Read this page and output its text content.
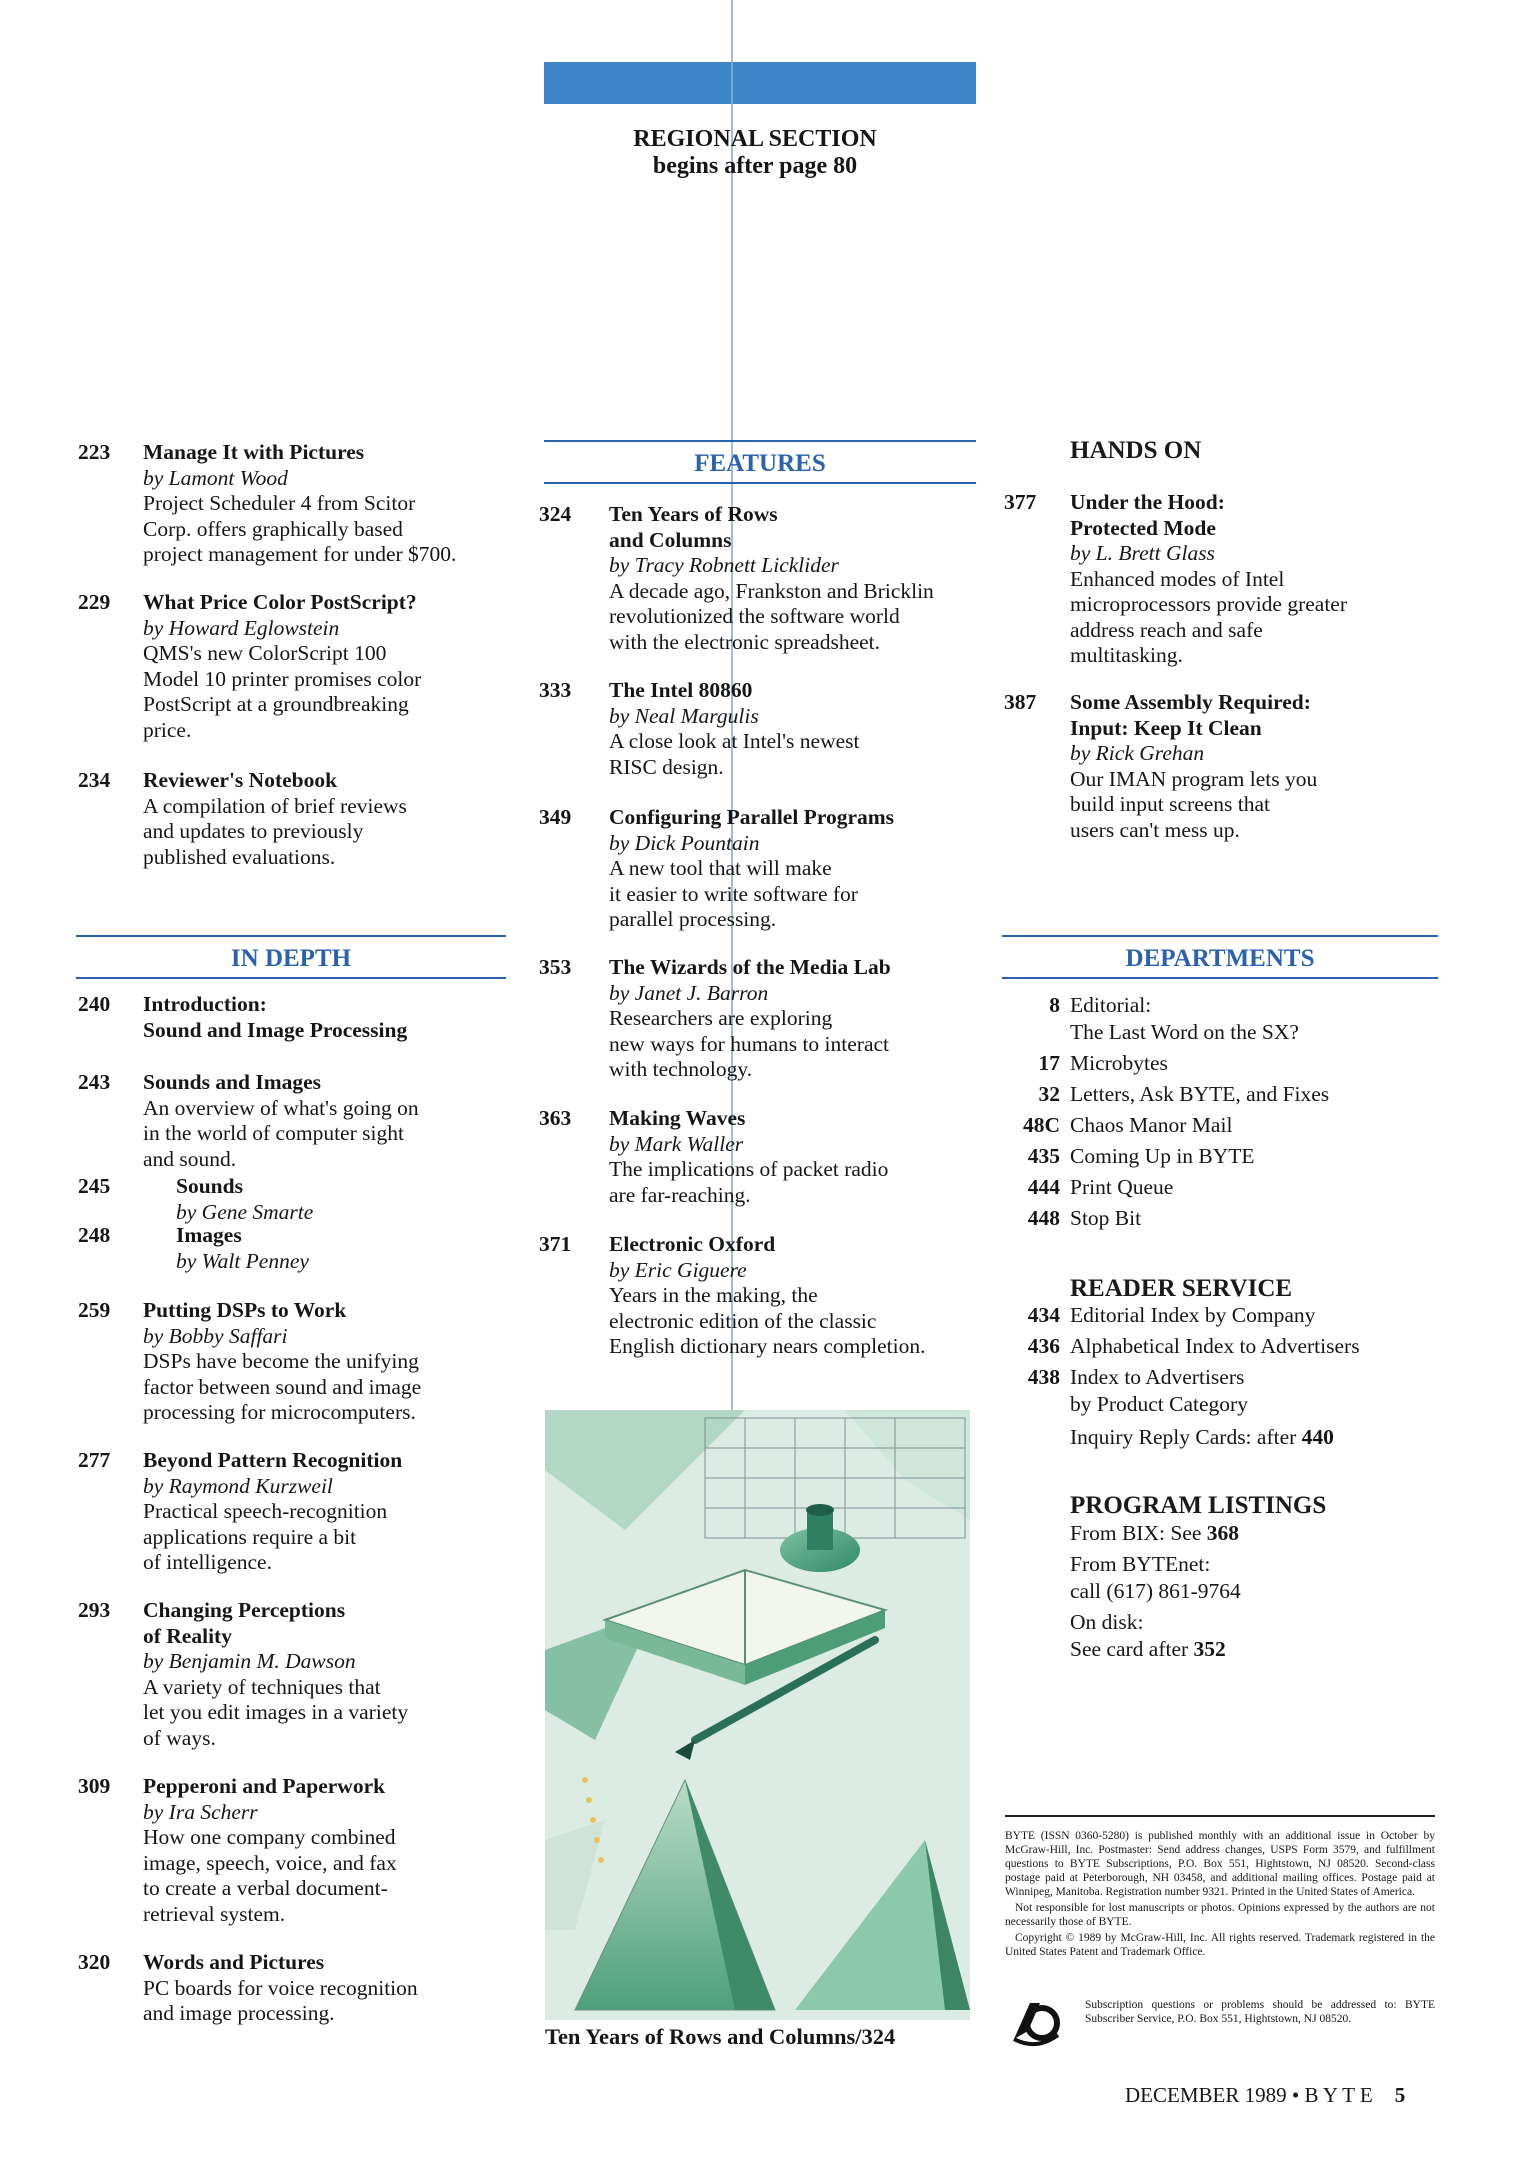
REGIONAL SECTION
begins after page 80
223 Manage It with Pictures
by Lamont Wood
Project Scheduler 4 from Scitor
Corp. offers graphically based
project management for under $700.
229 What Price Color PostScript?
by Howard Eglowstein
QMS's new ColorScript 100
Model 10 printer promises color
PostScript at a groundbreaking
price.
234 Reviewer's Notebook
A compilation of brief reviews
and updates to previously
published evaluations.
IN DEPTH
240 Introduction:
Sound and Image Processing
243 Sounds and Images
An overview of what's going on
in the world of computer sight
and sound.
245	Sounds
by Gene Smarte
248	Images
by Walt Penney
259 Putting DSPs to Work
by Bobby Saffari
DSPs have become the unifying
factor between sound and image
processing for microcomputers.
277 Beyond Pattern Recognition
by Raymond Kurzweil
Practical speech-recognition
applications require a bit
of intelligence.
293 Changing Perceptions
of Reality
by Benjamin M. Dawson
A variety of techniques that
let you edit images in a variety
of ways.
309 Pepperoni and Paperwork
by Ira Scherr
How one company combined
image, speech, voice, and fax
to create a verbal document-
retrieval system.
320 Words and Pictures
PC boards for voice recognition
and image processing.
FEATURES
324 Ten Years of Rows
and Columns
by Tracy Robnett Licklider
A decade ago, Frankston and Bricklin
revolutionized the software world
with the electronic spreadsheet.
333 The Intel 80860
by Neal Margulis
A close look at Intel's newest
RISC design.
349 Configuring Parallel Programs
by Dick Pountain
A new tool that will make
it easier to write software for
parallel processing.
353 The Wizards of the Media Lab
by Janet J. Barron
Researchers are exploring
new ways for humans to interact
with technology.
363 Making Waves
by Mark Waller
The implications of packet radio
are far-reaching.
371 Electronic Oxford
by Eric Giguere
Years in the making, the
electronic edition of the classic
English dictionary nears completion.
HANDS ON
377 Under the Hood:
Protected Mode
by L. Brett Glass
Enhanced modes of Intel
microprocessors provide greater
address reach and safe
multitasking.
387 Some Assembly Required:
Input: Keep It Clean
by Rick Grehan
Our IMAN program lets you
build input screens that
users can't mess up.
DEPARTMENTS
8 Editorial:
The Last Word on the SX?
17 Microbytes
32 Letters, Ask BYTE, and Fixes
48C Chaos Manor Mail
435 Coming Up in BYTE
444 Print Queue
448 Stop Bit
READER SERVICE
434 Editorial Index by Company
436 Alphabetical Index to Advertisers
438 Index to Advertisers
by Product Category
Inquiry Reply Cards: after 440
PROGRAM LISTINGS
From BIX: See 368
From BYTEnet:
call (617) 861-9764
On disk:
See card after 352
Ten Years of Rows and Columns/324

BYTE (ISSN 0360-5280) is published monthly with an additional issue in October by McGraw-Hill, Inc. Postmaster: Send address changes, USPS Form 3579, and fulfillment questions to BYTE Subscriptions, P.O. Box 551, Hightstown, NJ 08520. Second-class postage paid at Peterborough, NH 03458, and additional mailing offices. Postage paid at Winnipeg, Manitoba. Registration number 9321. Printed in the United States of America.

Not responsible for lost manuscripts or photos. Opinions expressed by the authors are not necessarily those of BYTE.

Copyright © 1989 by McGraw-Hill, Inc. All rights reserved. Trademark registered in the United States Patent and Trademark Office.

Subscription questions or problems should be addressed to: BYTE Subscriber Service, P.O. Box 551, Hightstown, NJ 08520.
DECEMBER 1989 • B Y T E 5
